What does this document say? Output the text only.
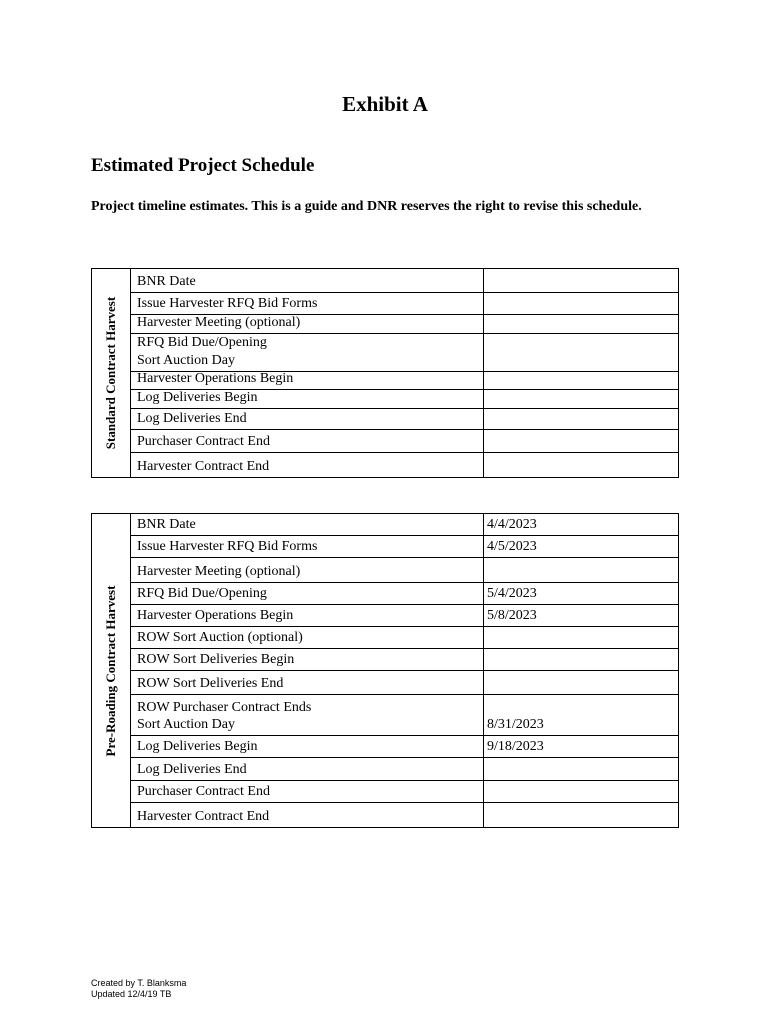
Exhibit A
Estimated Project Schedule
Project timeline estimates. This is a guide and DNR reserves the right to revise this schedule.
Standard Contract Harvest
BNR Date
Issue Harvester RFQ Bid Forms
Harvester Meeting (optional)
RFQ Bid Due/Opening
Sort Auction Day
Harvester Operations Begin
Log Deliveries Begin
Log Deliveries End
Purchaser Contract End
Harvester Contract End
Pre-Roading Contract Harvest
BNR Date	4/4/2023
Issue Harvester RFQ Bid Forms	4/5/2023
Harvester Meeting (optional)
RFQ Bid Due/Opening	5/4/2023
Harvester Operations Begin	5/8/2023
ROW Sort Auction (optional)
ROW Sort Deliveries Begin
ROW Sort Deliveries End
ROW Purchaser Contract Ends
Sort Auction Day	8/31/2023
Log Deliveries Begin	9/18/2023
Log Deliveries End
Purchaser Contract End
Harvester Contract End
Created by T. Blanksma
Updated 12/4/19 TB
